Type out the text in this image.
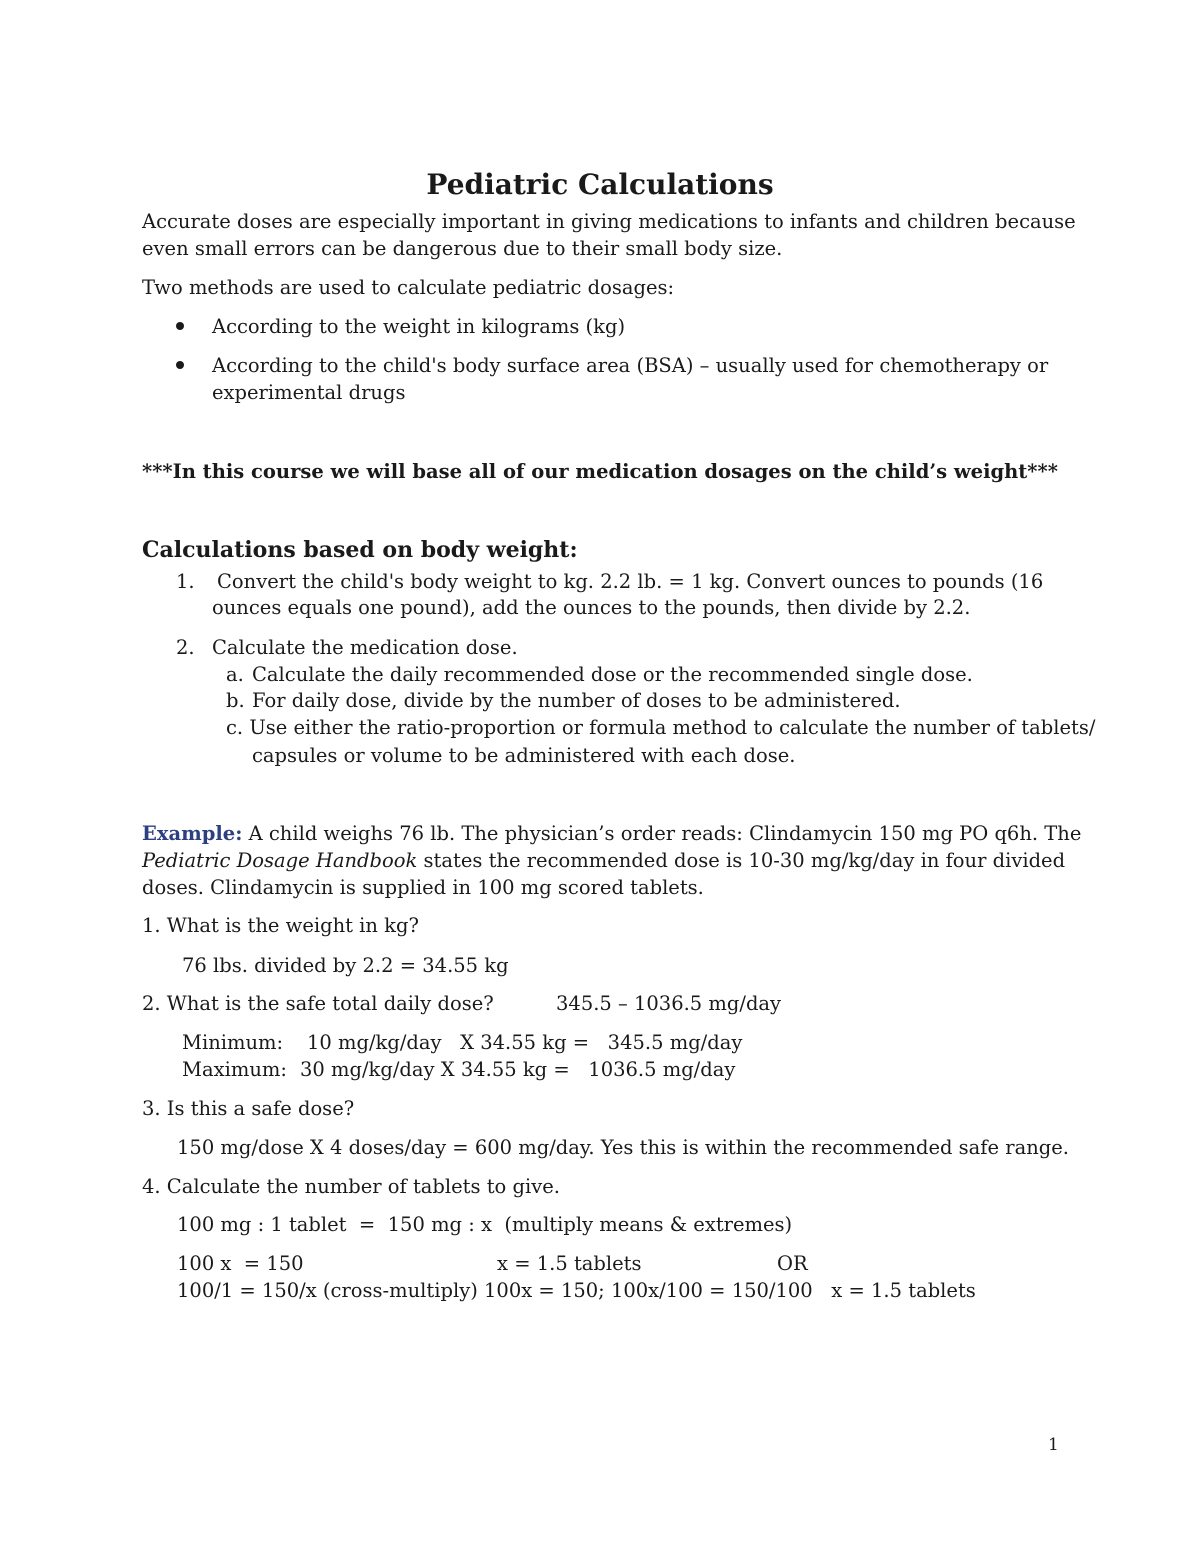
Pediatric Calculations
Accurate doses are especially important in giving medications to infants and children because
even small errors can be dangerous due to their small body size.
Two methods are used to calculate pediatric dosages:
According to the weight in kilograms (kg)
According to the child's body surface area (BSA) – usually used for chemotherapy or
experimental drugs
***In this course we will base all of our medication dosages on the child’s weight***
Calculations based on body weight:
1. Convert the child's body weight to kg. 2.2 lb. = 1 kg. Convert ounces to pounds (16
ounces equals one pound), add the ounces to the pounds, then divide by 2.2.
2. Calculate the medication dose.
a. Calculate the daily recommended dose or the recommended single dose.
b. For daily dose, divide by the number of doses to be administered.
c. Use either the ratio-proportion or formula method to calculate the number of tablets/
capsules or volume to be administered with each dose.
Example: A child weighs 76 lb. The physician’s order reads: Clindamycin 150 mg PO q6h. The
Pediatric Dosage Handbook states the recommended dose is 10-30 mg/kg/day in four divided
doses. Clindamycin is supplied in 100 mg scored tablets.
1. What is the weight in kg?
76 lbs. divided by 2.2 = 34.55 kg
2. What is the safe total daily dose?	345.5 – 1036.5 mg/day
Minimum: 10 mg/kg/day   X 34.55 kg =   345.5 mg/day
Maximum: 30 mg/kg/day X 34.55 kg =   1036.5 mg/day
3. Is this a safe dose?
150 mg/dose X 4 doses/day = 600 mg/day. Yes this is within the recommended safe range.
4. Calculate the number of tablets to give.
100 mg : 1 tablet  =  150 mg : x  (multiply means & extremes)
100 x  = 150	x = 1.5 tablets	OR
100/1 = 150/x (cross-multiply) 100x = 150; 100x/100 = 150/100   x = 1.5 tablets
1
